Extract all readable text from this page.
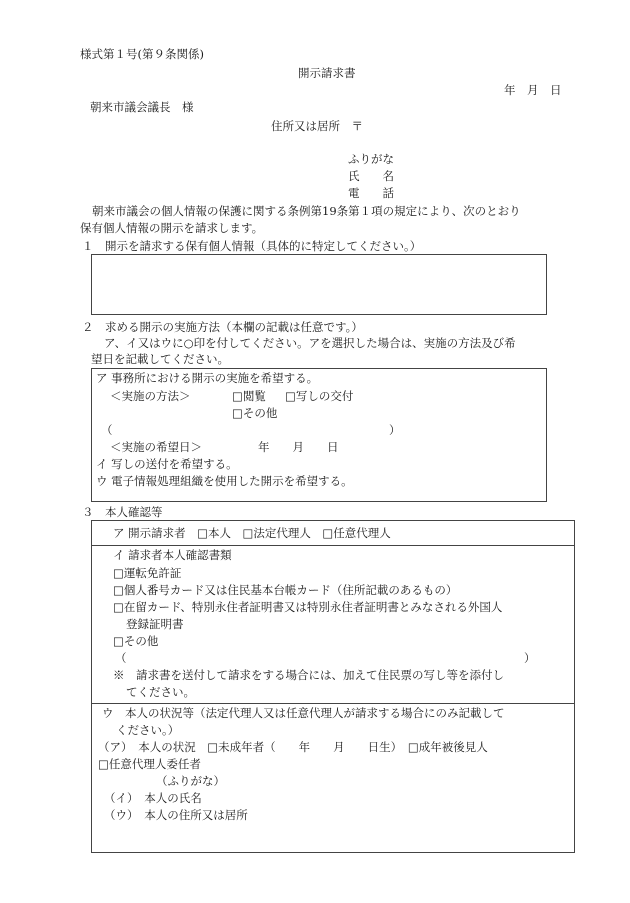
様式第１号(第９条関係)
開示請求書
年　月　日
朝来市議会議長　様
住所又は居所　〒
ふりがな
氏　　名
電　　話
朝来市議会の個人情報の保護に関する条例第19条第１項の規定により、次のとおり
保有個人情報の開示を請求します。
１　開示を請求する保有個人情報（具体的に特定してください。）
２　求める開示の実施方法（本欄の記載は任意です。）
ア、イ又はウに○印を付してください。アを選択した場合は、実施の方法及び希
望日を記載してください。
ア 事務所における開示の実施を希望する。
＜実施の方法＞	□閲覧 □写しの交付
□その他
（	）
＜実施の希望日＞	年　　月　　日
イ 写しの送付を希望する。
ウ 電子情報処理組織を使用した開示を希望する。
３　本人確認等
ア 開示請求者　□本人　□法定代理人　□任意代理人
イ 請求者本人確認書類
□運転免許証
□個人番号カード又は住民基本台帳カード（住所記載のあるもの）
□在留カード、特別永住者証明書又は特別永住者証明書とみなされる外国人
登録証明書
□その他
（	）
※　請求書を送付して請求をする場合には、加えて住民票の写し等を添付し
てください。
ウ　本人の状況等（法定代理人又は任意代理人が請求する場合にのみ記載して
ください。）
（ア）　本人の状況　□未成年者（　　年　　月　　日生）　□成年被後見人
□任意代理人委任者
（ふりがな）
（イ）　本人の氏名
（ウ）　本人の住所又は居所
